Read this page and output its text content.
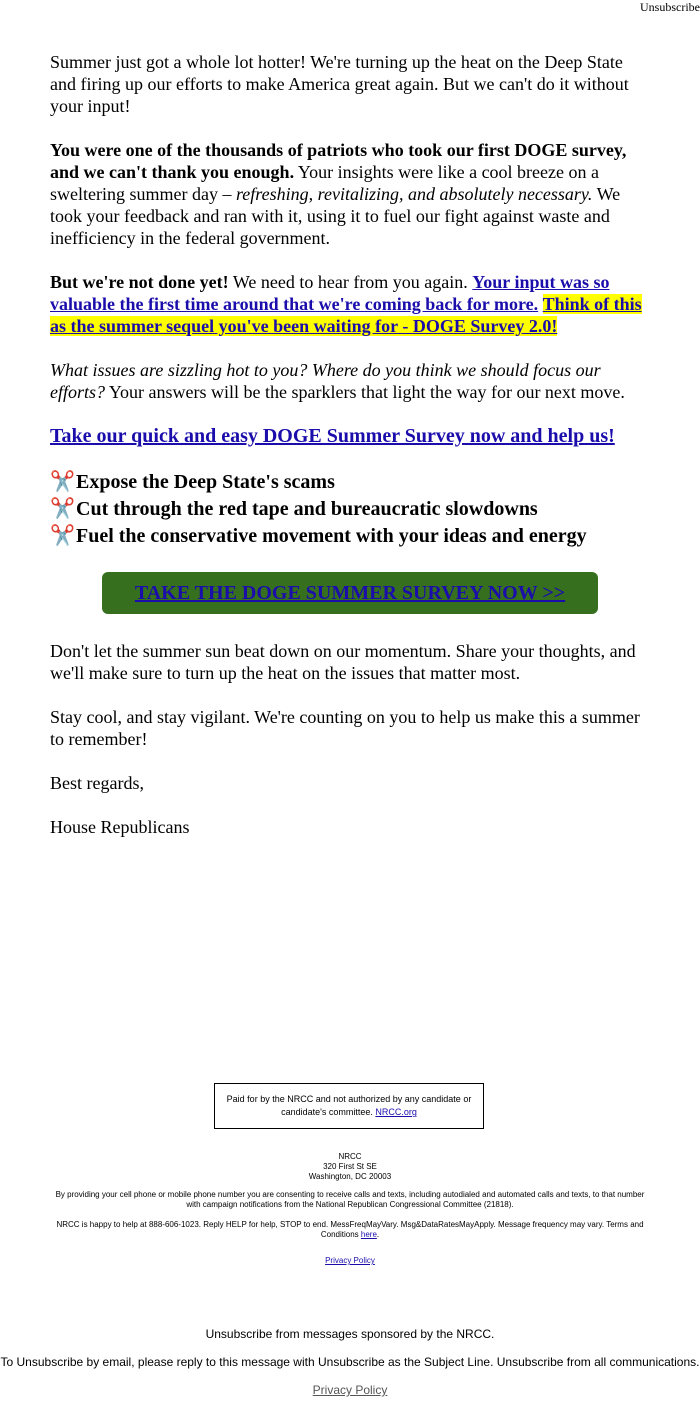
Unsubscribe

Summer just got a whole lot hotter! We're turning up the heat on the Deep State and firing up our efforts to make America great again. But we can't do it without your input!

You were one of the thousands of patriots who took our first DOGE survey, and we can't thank you enough. Your insights were like a cool breeze on a sweltering summer day – refreshing, revitalizing, and absolutely necessary. We took your feedback and ran with it, using it to fuel our fight against waste and inefficiency in the federal government.

But we're not done yet! We need to hear from you again. Your input was so valuable the first time around that we're coming back for more. Think of this as the summer sequel you've been waiting for - DOGE Survey 2.0!

What issues are sizzling hot to you? Where do you think we should focus our efforts? Your answers will be the sparklers that light the way for our next move.

Take our quick and easy DOGE Summer Survey now and help us!

✂️Expose the Deep State's scams
✂️Cut through the red tape and bureaucratic slowdowns
✂️Fuel the conservative movement with your ideas and energy
TAKE THE DOGE SUMMER SURVEY NOW >>

Don't let the summer sun beat down on our momentum. Share your thoughts, and we'll make sure to turn up the heat on the issues that matter most.

Stay cool, and stay vigilant. We're counting on you to help us make this a summer to remember!

Best regards,

House Republicans

Paid for by the NRCC and not authorized by any candidate or candidate's committee. NRCC.org
NRCC
320 First St SE
Washington, DC 20003
By providing your cell phone or mobile phone number you are consenting to receive calls and texts, including autodialed and automated calls and texts, to that number with campaign notifications from the National Republican Congressional Committee (21818).
NRCC is happy to help at 888-606-1023. Reply HELP for help, STOP to end. MessFreqMayVary. Msg&DataRatesMayApply. Message frequency may vary. Terms and Conditions here.
Privacy Policy
Unsubscribe from messages sponsored by the NRCC.
To Unsubscribe by email, please reply to this message with Unsubscribe as the Subject Line. Unsubscribe from all communications.
Privacy Policy
